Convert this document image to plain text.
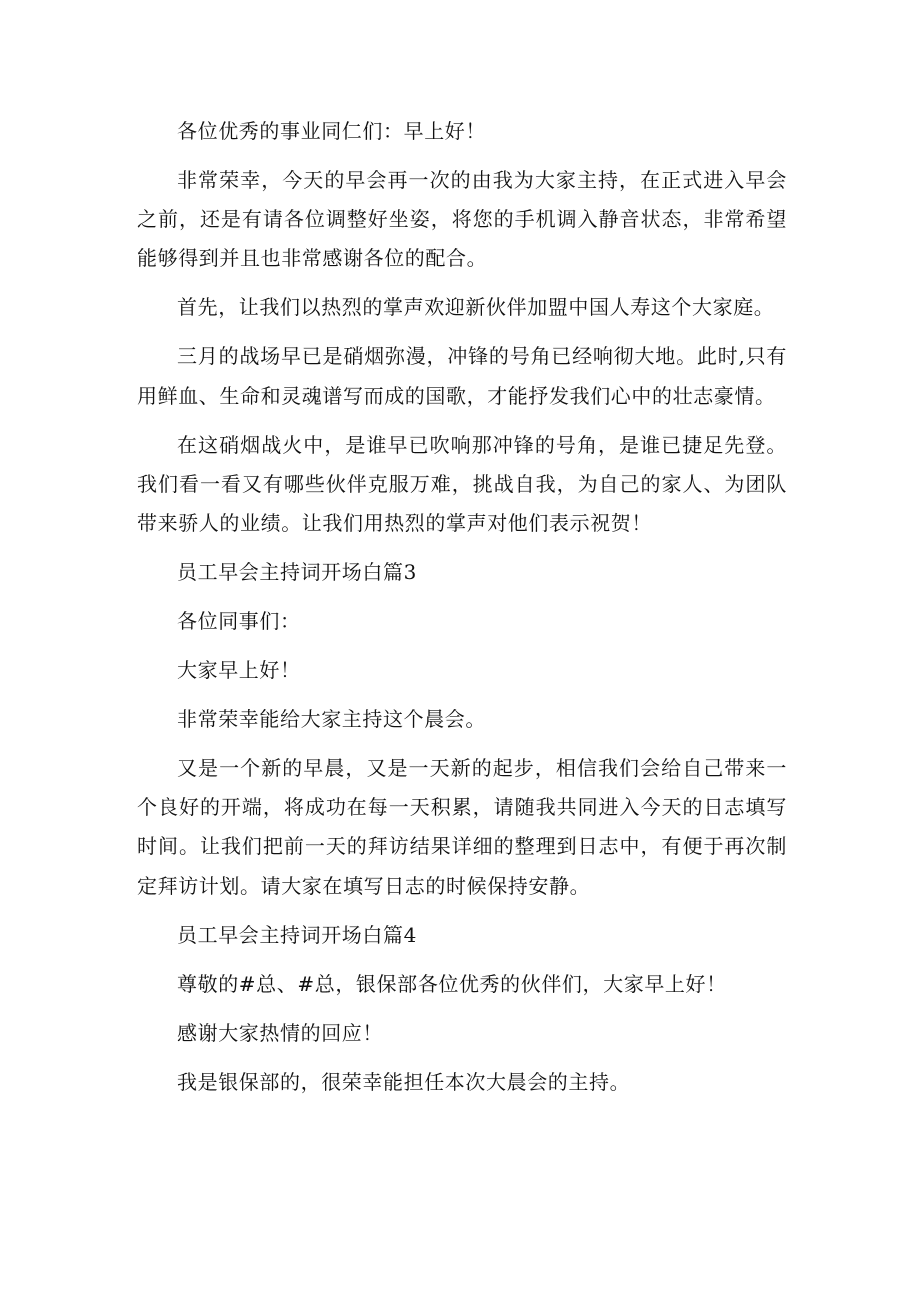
各位优秀的事业同仁们：早上好！

非常荣幸，今天的早会再一次的由我为大家主持，在正式进入早会之前，还是有请各位调整好坐姿，将您的手机调入静音状态，非常希望能够得到并且也非常感谢各位的配合。

首先，让我们以热烈的掌声欢迎新伙伴加盟中国人寿这个大家庭。

三月的战场早已是硝烟弥漫，冲锋的号角已经响彻大地。此时,只有用鲜血、生命和灵魂谱写而成的国歌，才能抒发我们心中的壮志豪情。

在这硝烟战火中，是谁早已吹响那冲锋的号角，是谁已捷足先登。我们看一看又有哪些伙伴克服万难，挑战自我，为自己的家人、为团队带来骄人的业绩。让我们用热烈的掌声对他们表示祝贺！

员工早会主持词开场白篇3

各位同事们：

大家早上好！

非常荣幸能给大家主持这个晨会。

又是一个新的早晨，又是一天新的起步，相信我们会给自己带来一个良好的开端，将成功在每一天积累，请随我共同进入今天的日志填写时间。让我们把前一天的拜访结果详细的整理到日志中，有便于再次制定拜访计划。请大家在填写日志的时候保持安静。

员工早会主持词开场白篇4

尊敬的#总、#总，银保部各位优秀的伙伴们，大家早上好！

感谢大家热情的回应！

我是银保部的，很荣幸能担任本次大晨会的主持。
